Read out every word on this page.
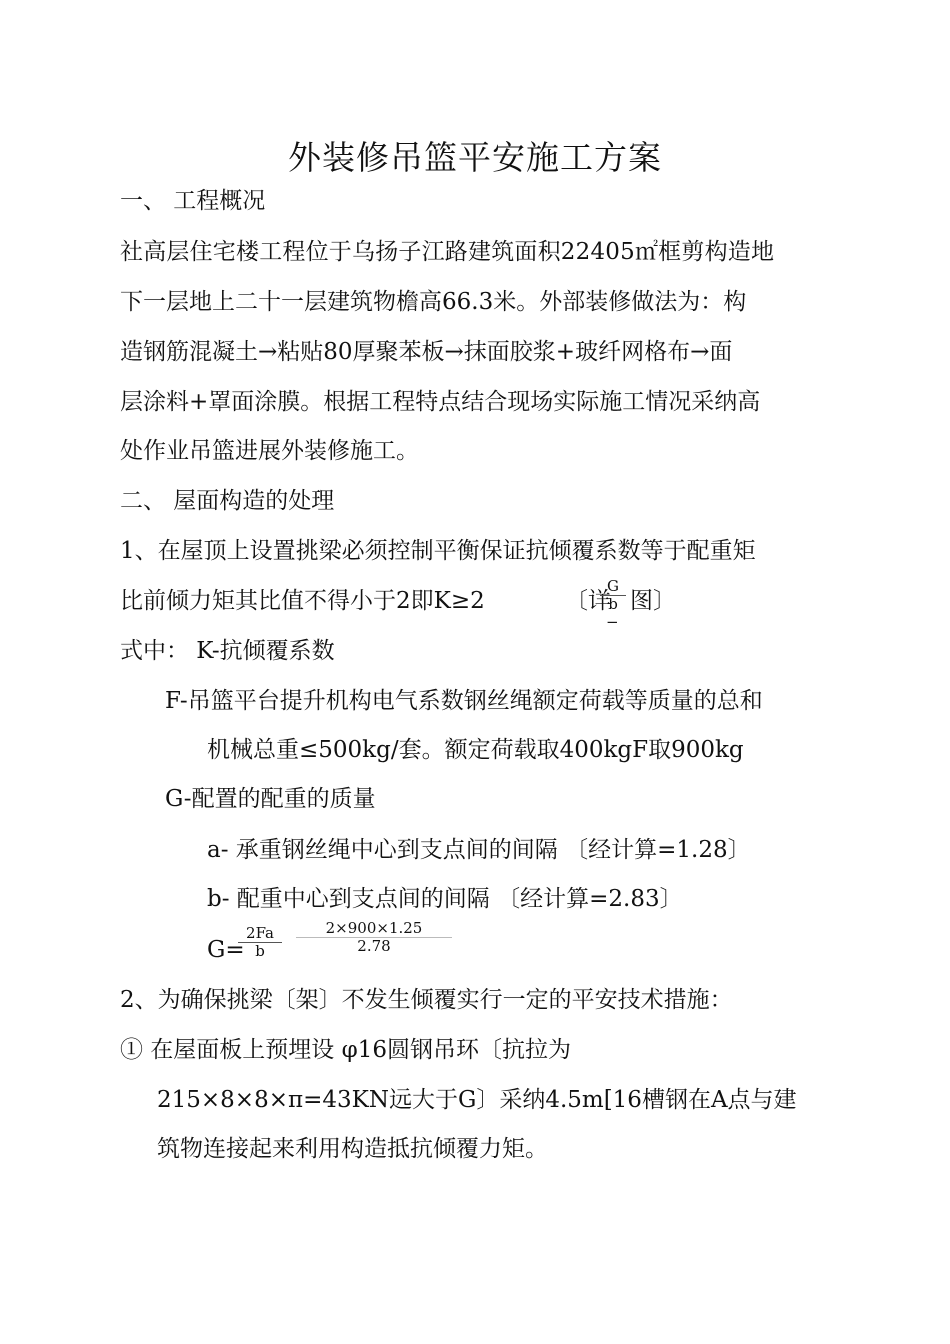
外装修吊篮平安施工方案
一、 工程概况
社高层住宅楼工程位于乌扬子江路建筑面积22405㎡框剪构造地
下一层地上二十一层建筑物檐高66.3米。外部装修做法为：构
造钢筋混凝土→粘贴80厚聚苯板→抹面胶浆+玻纤网格布→面
层涂料+罩面涂膜。根据工程特点结合现场实际施工情况采纳高
处作业吊篮进展外装修施工。
二、 屋面构造的处理
1、在屋顶上设置挑梁必须控制平衡保证抗倾覆系数等于配重矩
比前倾力矩其比值不得小于2即K≥2	〔详
$\frac{G}{b}$
−
图〕
式中： K-抗倾覆系数
F-吊篮平台提升机构电气系数钢丝绳额定荷载等质量的总和
机械总重≤500kg/套。额定荷载取400kgF取900kg
G-配置的配重的质量
a- 承重钢丝绳中心到支点间的间隔 〔经计算=1.28〕
b- 配重中心到支点间的间隔 〔经计算=2.83〕
G=
$\frac{2Fa}{b} \frac{2\times 900\times 1.25}{2.78}$
2、为确保挑梁〔架〕不发生倾覆实行一定的平安技术措施：
① 在屋面板上预埋设 φ16圆钢吊环〔抗拉为
215×8×8×π=43KN远大于G〕采纳4.5m[16槽钢在A点与建
筑物连接起来利用构造抵抗倾覆力矩。
